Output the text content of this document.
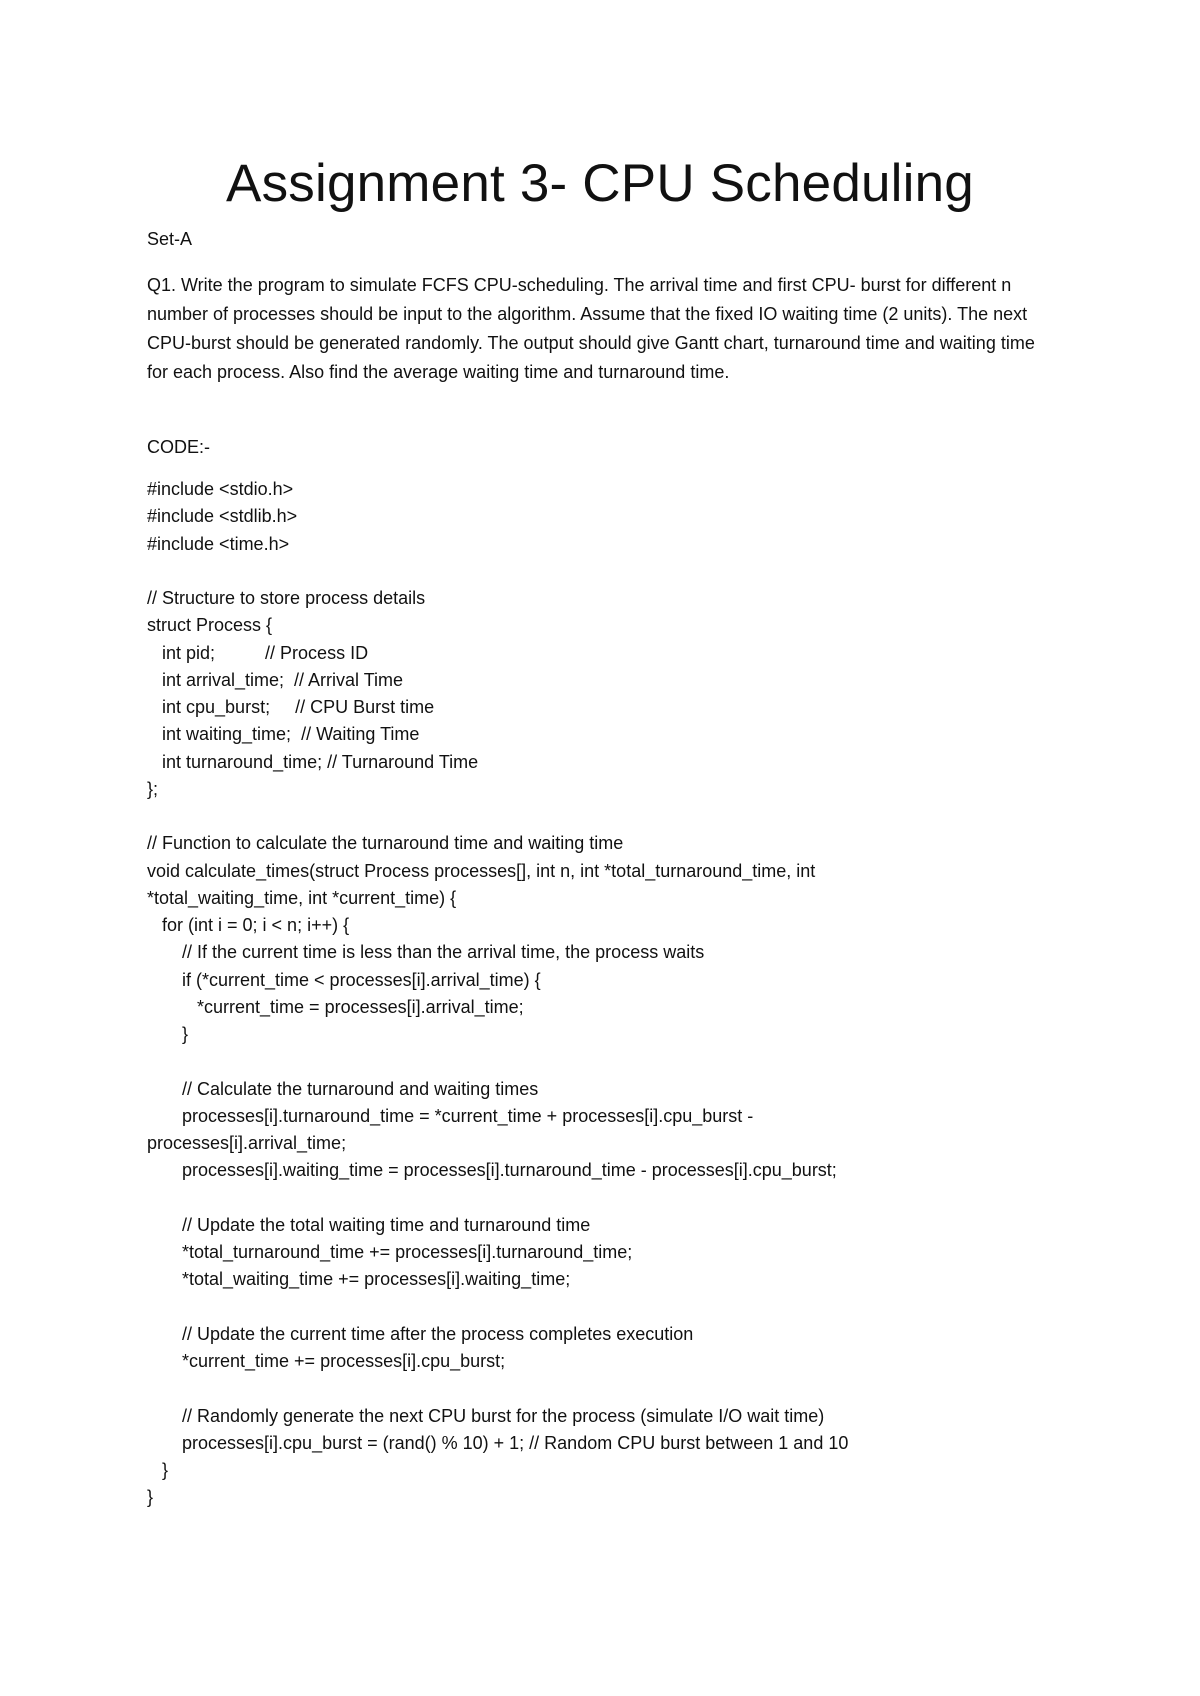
Assignment 3- CPU Scheduling

Set-A

Q1. Write the program to simulate FCFS CPU-scheduling. The arrival time and first CPU- burst for different n number of processes should be input to the algorithm. Assume that the fixed IO waiting time (2 units). The next CPU-burst should be generated randomly. The output should give Gantt chart, turnaround time and waiting time for each process. Also find the average waiting time and turnaround time.

CODE:-

#include <stdio.h>
#include <stdlib.h>
#include <time.h>
// Structure to store process details
struct Process {
int pid;          // Process ID
int arrival_time;  // Arrival Time
int cpu_burst;     // CPU Burst time
int waiting_time;  // Waiting Time
int turnaround_time; // Turnaround Time
};
// Function to calculate the turnaround time and waiting time
void calculate_times(struct Process processes[], int n, int *total_turnaround_time, int
*total_waiting_time, int *current_time) {
for (int i = 0; i < n; i++) {
// If the current time is less than the arrival time, the process waits
if (*current_time < processes[i].arrival_time) {
*current_time = processes[i].arrival_time;
}
// Calculate the turnaround and waiting times
processes[i].turnaround_time = *current_time + processes[i].cpu_burst -
processes[i].arrival_time;
processes[i].waiting_time = processes[i].turnaround_time - processes[i].cpu_burst;
// Update the total waiting time and turnaround time
*total_turnaround_time += processes[i].turnaround_time;
*total_waiting_time += processes[i].waiting_time;
// Update the current time after the process completes execution
*current_time += processes[i].cpu_burst;
// Randomly generate the next CPU burst for the process (simulate I/O wait time)
processes[i].cpu_burst = (rand() % 10) + 1; // Random CPU burst between 1 and 10
}
}
